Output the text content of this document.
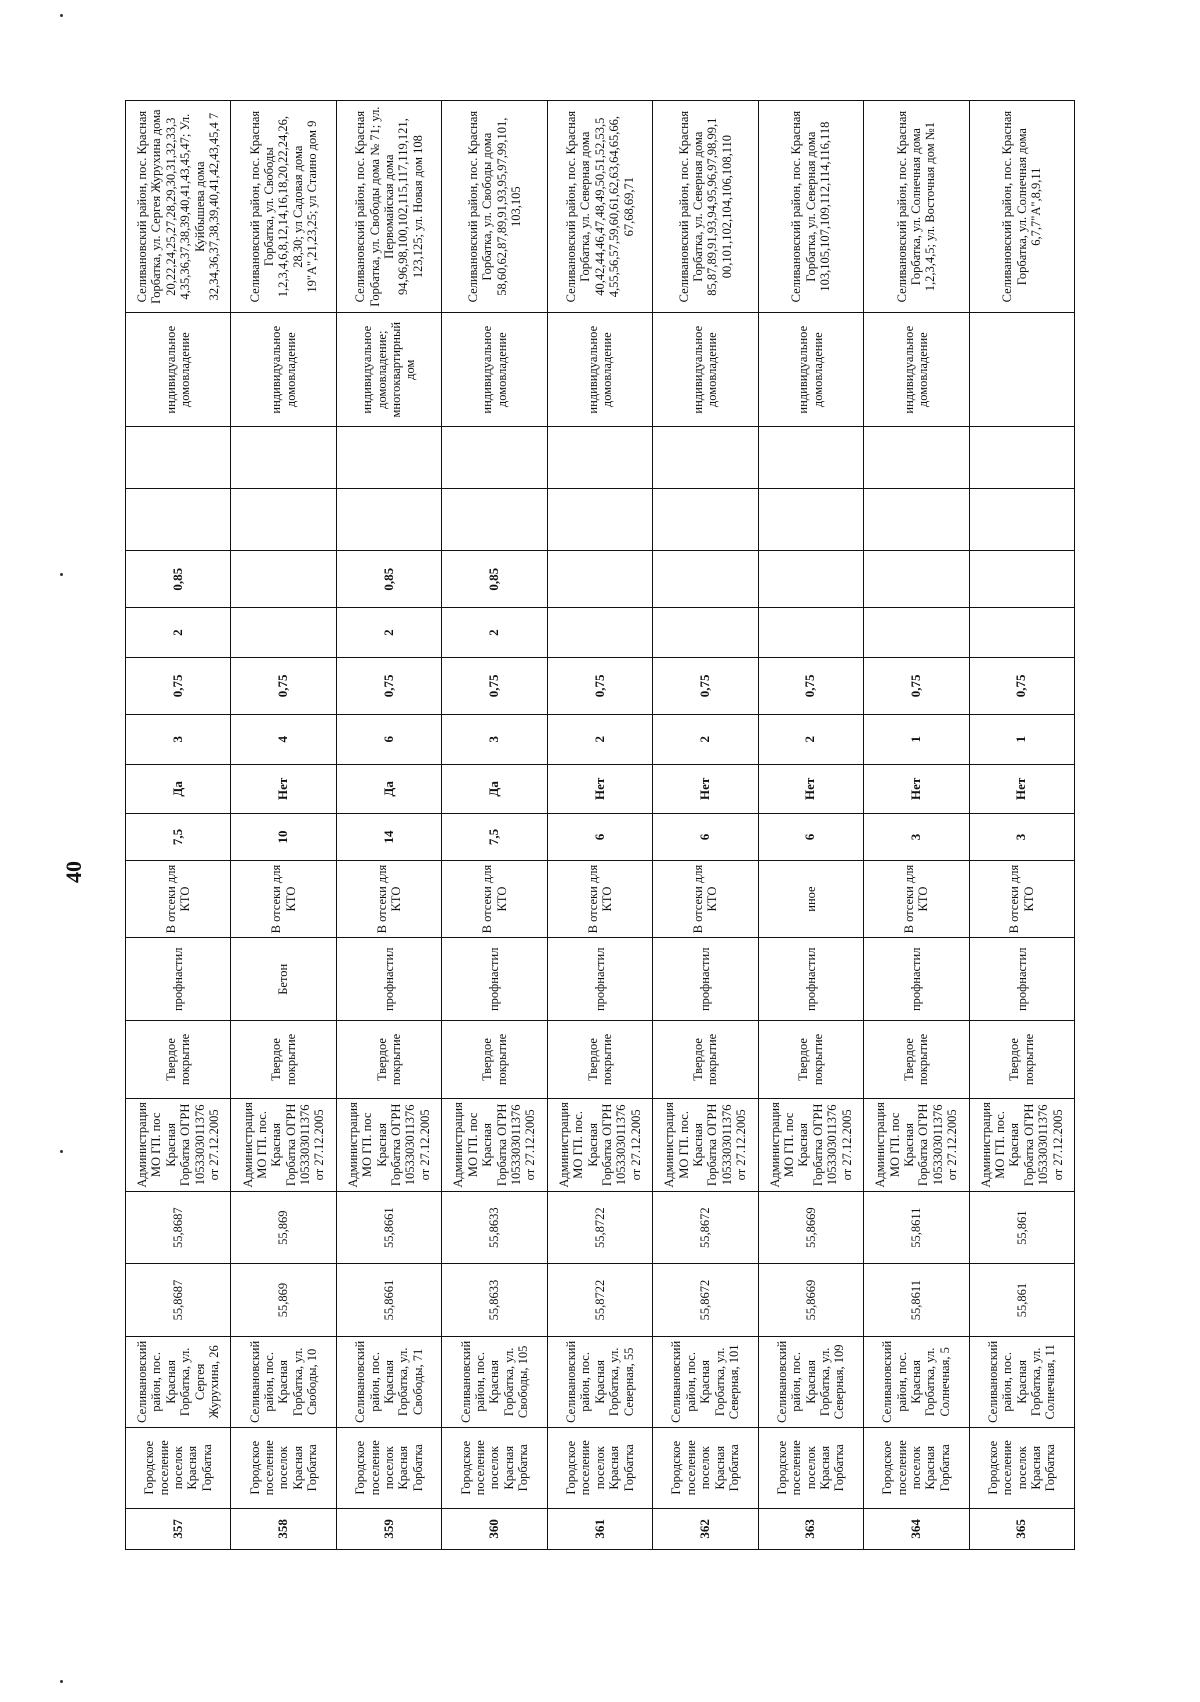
40
357	Городское поселение поселок Красная Горбатка	Селивановский район, пос. Красная Горбатка, ул. Сергея Журухина, 26	55,8687	55,8687	Администрация МО ГП. пос Красная Горбатка ОГРН 1053303011376 от 27.12.2005	Твердое покрытие	профнастил	В отсеки для КТО	7,5	Да	3	0,75	2	0,85			индивидуальное домовладение	Селивановский район, пос. Красная Горбатка, ул. Сергея Журухина дома 20,22,24,25,27,28,29,30,31,32,33,3 4,35,36,37,38,39,40,41,43,45,47; Ул. Куйбышева дома 32,34,36,37,38,39,40,41,42,43,45,4 7
358	Городское поселение поселок Красная Горбатка	Селивановский район, пос. Красная Горбатка, ул. Свободы, 10	55,869	55,869	Администрация МО ГП. пос. Красная Горбатка ОГРН 1053303011376 от 27.12.2005	Твердое покрытие	Бетон	В отсеки для КТО	10	Нет	4	0,75					индивидуальное домовладение	Селивановский район, пос. Красная Горбатка, ул. Свободы 1,2,3,4,6,8,12,14,16,18,20,22,24,26, 28,30; ул Садовая дома 19"А",21,23,25; ул Стаино дом 9
359	Городское поселение поселок Красная Горбатка	Селивановский район, пос. Красная Горбатка, ул. Свободы, 71	55,8661	55,8661	Администрация МО ГП. пос Красная Горбатка ОГРН 1053303011376 от 27.12.2005	Твердое покрытие	профнастил	В отсеки для КТО	14	Да	6	0,75	2	0,85			индивидуальное домовладение; многоквартирный дом	Селивановский район, пос. Красная Горбатка, ул. Свободы дома № 71; ул. Первомайская дома 94,96,98,100,102,115,117,119,121, 123,125; ул. Новая дом 108
360	Городское поселение поселок Красная Горбатка	Селивановский район, пос. Красная Горбатка, ул. Свободы, 105	55,8633	55,8633	Администрация МО ГП. пос Красная Горбатка ОГРН 1053303011376 от 27.12.2005	Твердое покрытие	профнастил	В отсеки для КТО	7,5	Да	3	0,75	2	0,85			индивидуальное домовладение	Селивановский район, пос. Красная Горбатка, ул. Свободы дома 58,60,62,87,89,91,93,95,97,99,101, 103,105
361	Городское поселение поселок Красная Горбатка	Селивановский район, пос. Красная Горбатка, ул. Северная, 55	55,8722	55,8722	Администрация МО ГП. пос. Красная Горбатка ОГРН 1053303011376 от 27.12.2005	Твердое покрытие	профнастил	В отсеки для КТО	6	Нет	2	0,75					индивидуальное домовладение	Селивановский район, пос. Красная Горбатка, ул. Северная дома 40,42,44,46,47,48,49,50,51,52,53,5 4,55,56,57,59,60,61,62,63,64,65,66, 67,68,69,71
362	Городское поселение поселок Красная Горбатка	Селивановский район, пос. Красная Горбатка, ул. Северная, 101	55,8672	55,8672	Администрация МО ГП. пос. Красная Горбатка ОГРН 1053303011376 от 27.12.2005	Твердое покрытие	профнастил	В отсеки для КТО	6	Нет	2	0,75					индивидуальное домовладение	Селивановский район, пос. Красная Горбатка, ул. Северная дома 85,87,89,91,93,94,95,96,97,98,99,1 00,101,102,104,106,108,110
363	Городское поселение поселок Красная Горбатка	Селивановский район, пос. Красная Горбатка, ул. Северная, 109	55,8669	55,8669	Администрация МО ГП. пос Красная Горбатка ОГРН 1053303011376 от 27.12.2005	Твердое покрытие	профнастил	иное	6	Нет	2	0,75					индивидуальное домовладение	Селивановский район, пос. Красная Горбатка, ул. Северная дома 103,105,107,109,112,114,116,118
364	Городское поселение поселок Красная Горбатка	Селивановский район, пос. Красная Горбатка, ул. Солнечная, 5	55,8611	55,8611	Администрация МО ГП. пос Красная Горбатка ОГРН 1053303011376 от 27.12.2005	Твердое покрытие	профнастил	В отсеки для КТО	3	Нет	1	0,75					индивидуальное домовладение	Селивановский район, пос. Красная Горбатка, ул. Солнечная дома 1,2,3,4,5; ул. Восточная дом №1
365	Городское поселение поселок Красная Горбатка	Селивановский район, пос. Красная Горбатка, ул. Солнечная, 11	55,861	55,861	Администрация МО ГП. пос. Красная Горбатка ОГРН 1053303011376 от 27.12.2005	Твердое покрытие	профнастил	В отсеки для КТО	3	Нет	1	0,75						Селивановский район, пос. Красная Горбатка, ул. Солнечная дома 6,7,7"А",8,9,11
